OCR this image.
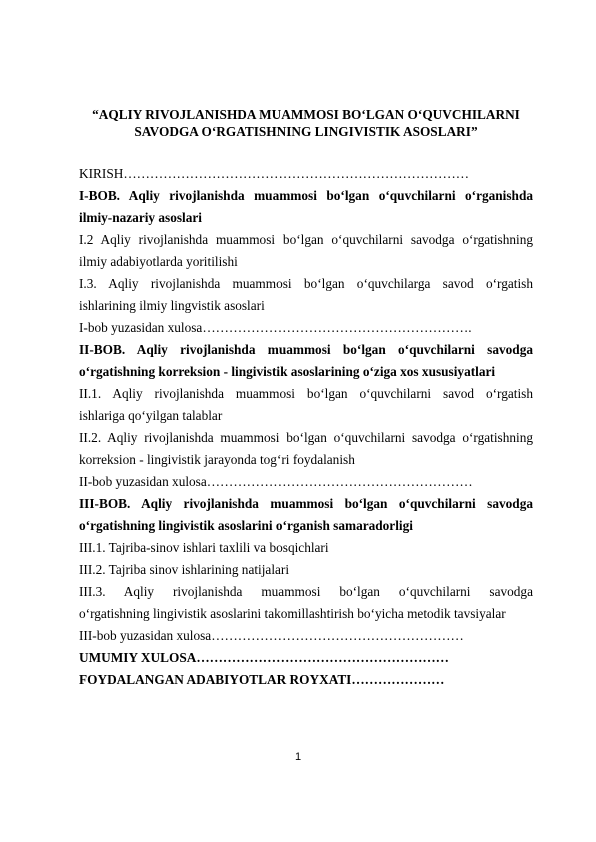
“AQLIY RIVOJLANISHDA MUAMMOSI BOʻLGAN OʻQUVCHILARNI
SAVODGA OʻRGATISHNING LINGIVISTIK ASOSLARI”
KIRISH……………………………………………………………………
I-BOB. Aqliy rivojlanishda muammosi boʻlgan oʻquvchilarni oʻrganishda
ilmiy-nazariy asoslari
I.2 Aqliy rivojlanishda muammosi boʻlgan oʻquvchilarni savodga oʻrgatishning
ilmiy adabiyotlarda yoritilishi
I.3. Aqliy rivojlanishda muammosi boʻlgan oʻquvchilarga savod oʻrgatish
ishlarining ilmiy lingvistik asoslari
I-bob yuzasidan xulosa…………………………………………………….
II-BOB. Aqliy rivojlanishda muammosi boʻlgan oʻquvchilarni savodga
oʻrgatishning korreksion - lingivistik asoslarining oʻziga xos xususiyatlari
II.1. Aqliy rivojlanishda muammosi boʻlgan oʻquvchilarni savod oʻrgatish
ishlariga qoʻyilgan talablar
II.2. Aqliy rivojlanishda muammosi boʻlgan oʻquvchilarni savodga oʻrgatishning
korreksion - lingivistik jarayonda togʻri foydalanish
II-bob yuzasidan xulosa……………………………………………………
III-BOB. Aqliy rivojlanishda muammosi boʻlgan oʻquvchilarni savodga
oʻrgatishning lingivistik asoslarini oʻrganish samaradorligi
III.1. Tajriba-sinov ishlari taxlili va bosqichlari
III.2. Tajriba sinov ishlarining natijalari
III.3. Aqliy rivojlanishda muammosi boʻlgan oʻquvchilarni savodga
oʻrgatishning lingivistik asoslarini takomillashtirish boʻyicha metodik tavsiyalar
III-bob yuzasidan xulosa…………………………………………………
UMUMIY XULOSA…………………………………………………
FOYDALANGAN ADABIYOTLAR ROYXATI…………………
1
